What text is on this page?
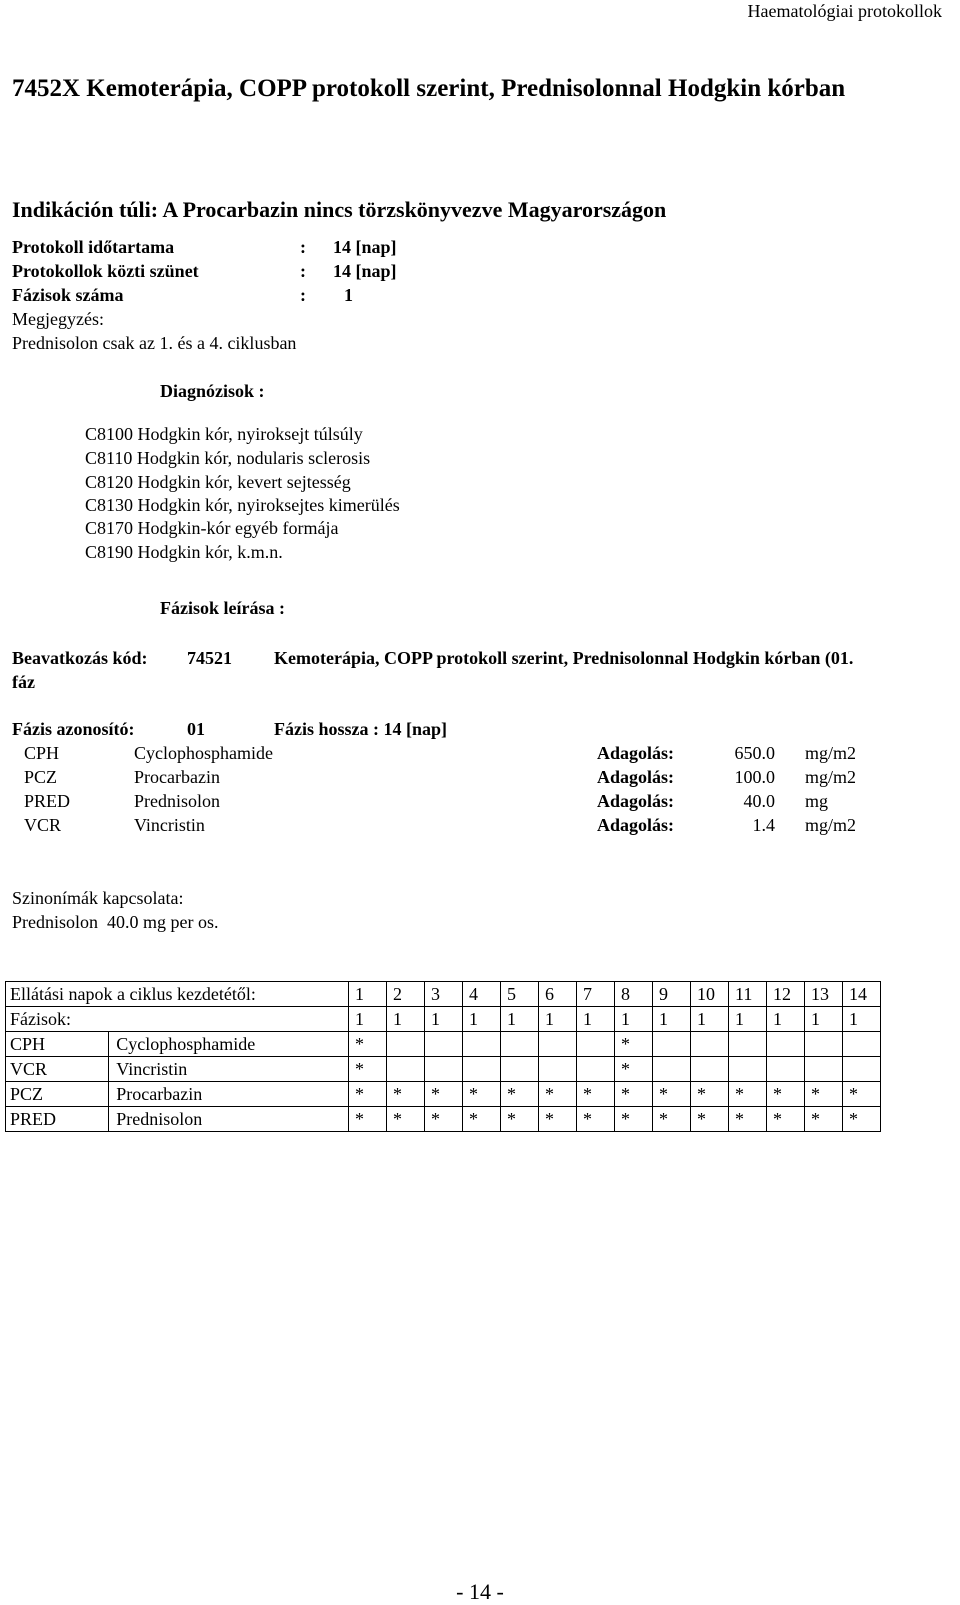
Haematológiai protokollok
7452X Kemoterápia, COPP protokoll szerint, Prednisolonnal Hodgkin kórban
Indikáción túli: A Procarbazin nincs törzskönyvezve Magyarországon
Protokoll időtartama	: 14 [nap]
Protokollok közti szünet	: 14 [nap]
Fázisok száma	: 1
Megjegyzés:
Prednisolon csak az 1. és a 4. ciklusban
Diagnózisok :
C8100 Hodgkin kór, nyiroksejt túlsúly
C8110 Hodgkin kór, nodularis sclerosis
C8120 Hodgkin kór, kevert sejtesség
C8130 Hodgkin kór, nyiroksejtes kimerülés
C8170 Hodgkin-kór egyéb formája
C8190 Hodgkin kór, k.m.n.
Fázisok leírása :
Beavatkozás kód: 74521 Kemoterápia, COPP protokoll szerint, Prednisolonnal Hodgkin kórban (01.
fáz
Fázis azonosító:	01	Fázis hossza : 14 [nap]
CPH	Cyclophosphamide	Adagolás:	650.0 mg/m2
PCZ	Procarbazin	Adagolás:	100.0 mg/m2
PRED	Prednisolon	Adagolás:	40.0 mg
VCR	Vincristin	Adagolás:	1.4 mg/m2
Szinonímák kapcsolata:
Prednisolon  40.0 mg per os.
Ellátási napok a ciklus kezdetétől:		1	2	3	4	5	6	7	8	9	10	11	12	13	14
Fázisok:		1	1	1	1	1	1	1	1	1	1	1	1	1	1
CPH	Cyclophosphamide	*							*						
VCR	Vincristin	*							*						
PCZ	Procarbazin	*	*	*	*	*	*	*	*	*	*	*	*	*	*
PRED	Prednisolon	*	*	*	*	*	*	*	*	*	*	*	*	*	*
- 14 -
